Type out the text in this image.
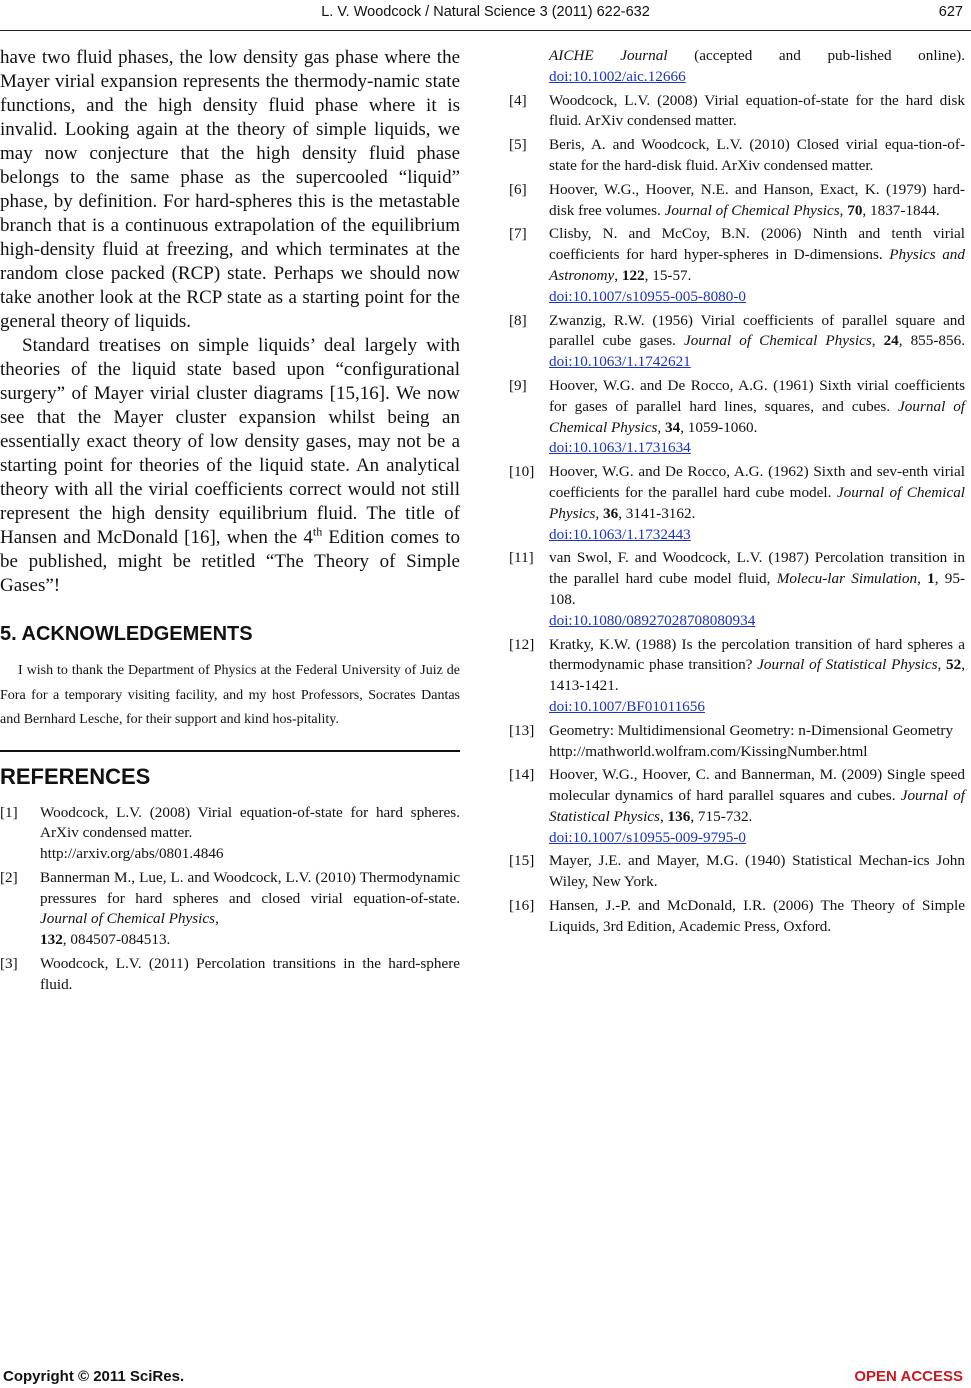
L. V. Woodcock / Natural Science 3 (2011) 622-632	627

have two fluid phases, the low density gas phase where the Mayer virial expansion represents the thermody-namic state functions, and the high density fluid phase where it is invalid. Looking again at the theory of simple liquids, we may now conjecture that the high density fluid phase belongs to the same phase as the supercooled “liquid” phase, by definition. For hard-spheres this is the metastable branch that is a continuous extrapolation of the equilibrium high-density fluid at freezing, and which terminates at the random close packed (RCP) state. Perhaps we should now take another look at the RCP state as a starting point for the general theory of liquids.

Standard treatises on simple liquids’ deal largely with theories of the liquid state based upon “configurational surgery” of Mayer virial cluster diagrams [15,16]. We now see that the Mayer cluster expansion whilst being an essentially exact theory of low density gases, may not be a starting point for theories of the liquid state. An analytical theory with all the virial coefficients correct would not still represent the high density equilibrium fluid. The title of Hansen and McDonald [16], when the 4th Edition comes to be published, might be retitled “The Theory of Simple Gases”!

5. ACKNOWLEDGEMENTS

I wish to thank the Department of Physics at the Federal University of Juiz de Fora for a temporary visiting facility, and my host Professors, Socrates Dantas and Bernhard Lesche, for their support and kind hos-pitality.

REFERENCES
[1]	Woodcock, L.V. (2008) Virial equation-of-state for hard spheres. ArXiv condensed matter.
http://arxiv.org/abs/0801.4846
[2]	Bannerman M., Lue, L. and Woodcock, L.V. (2010) Thermodynamic pressures for hard spheres and closed virial equation-of-state. Journal of Chemical Physics,
132, 084507-084513.
[3]	Woodcock, L.V. (2011) Percolation transitions in the hard-sphere fluid.
AICHE Journal (accepted and pub-lished online). doi:10.1002/aic.12666
[4]	Woodcock, L.V. (2008) Virial equation-of-state for the hard disk fluid. ArXiv condensed matter.
[5]	Beris, A. and Woodcock, L.V. (2010) Closed virial equa-tion-of- state for the hard-disk fluid. ArXiv condensed matter.
[6]	Hoover, W.G., Hoover, N.E. and Hanson, Exact, K. (1979) hard-disk free volumes. Journal of Chemical Physics, 70, 1837-1844.
[7]	Clisby, N. and McCoy, B.N. (2006) Ninth and tenth virial coefficients for hard hyper-spheres in D-dimensions. Physics and Astronomy, 122, 15-57.
doi:10.1007/s10955-005-8080-0
[8]	Zwanzig, R.W. (1956) Virial coefficients of parallel square and parallel cube gases. Journal of Chemical Physics, 24, 855-856. doi:10.1063/1.1742621
[9]	Hoover, W.G. and De Rocco, A.G. (1961) Sixth virial coefficients for gases of parallel hard lines, squares, and cubes. Journal of Chemical Physics, 34, 1059-1060.
doi:10.1063/1.1731634
[10] Hoover, W.G. and De Rocco, A.G. (1962) Sixth and sev-enth virial coefficients for the parallel hard cube model. Journal of Chemical Physics, 36, 3141-3162.
doi:10.1063/1.1732443
[11]	van Swol, F. and Woodcock, L.V. (1987) Percolation transition in the parallel hard cube model fluid, Molecu-lar Simulation, 1, 95-108.
doi:10.1080/08927028708080934
[12] Kratky, K.W. (1988) Is the percolation transition of hard spheres a thermodynamic phase transition? Journal of Statistical Physics, 52, 1413-1421.
doi:10.1007/BF01011656
[13] Geometry: Multidimensional Geometry: n-Dimensional Geometry
http://mathworld.wolfram.com/KissingNumber.html
[14] Hoover, W.G., Hoover, C. and Bannerman, M. (2009) Single speed molecular dynamics of hard parallel squares and cubes. Journal of Statistical Physics, 136, 715-732.
doi:10.1007/s10955-009-9795-0
[15] Mayer, J.E. and Mayer, M.G. (1940) Statistical Mechan-ics John Wiley, New York.
[16] Hansen, J.-P. and McDonald, I.R. (2006) The Theory of Simple Liquids, 3rd Edition, Academic Press, Oxford.
Copyright © 2011 SciRes.	OPEN ACCESS
